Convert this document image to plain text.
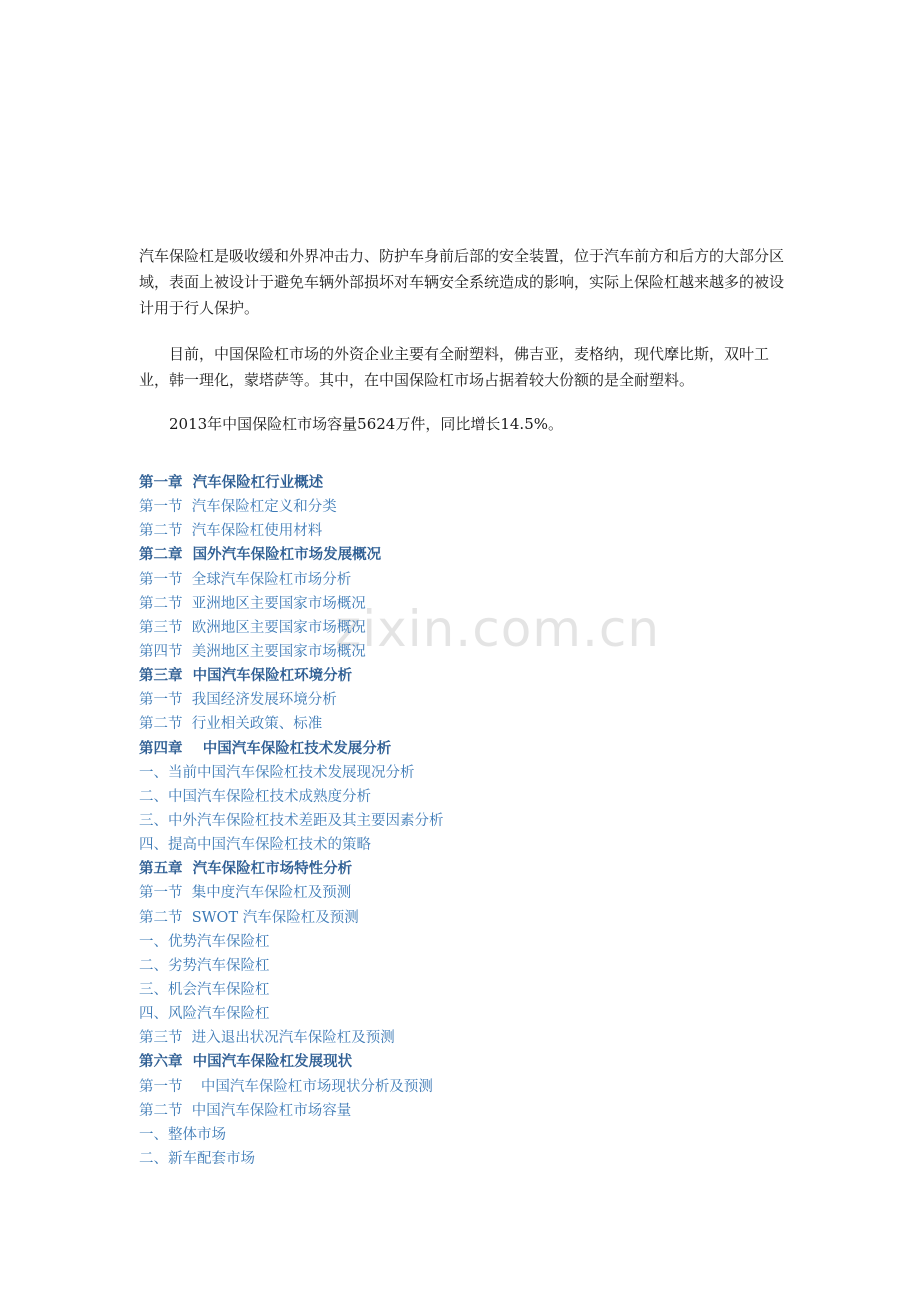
汽车保险杠是吸收缓和外界冲击力、防护车身前后部的安全装置，位于汽车前方和后方的大部分区域，表面上被设计于避免车辆外部损坏对车辆安全系统造成的影响，实际上保险杠越来越多的被设计用于行人保护。

目前，中国保险杠市场的外资企业主要有全耐塑料，佛吉亚，麦格纳，现代摩比斯，双叶工业，韩一理化，蒙塔萨等。其中，在中国保险杠市场占据着较大份额的是全耐塑料。

2013年中国保险杠市场容量5624万件，同比增长14.5%。

zixin.com.cn
第一章  汽车保险杠行业概述
第一节  汽车保险杠定义和分类
第二节  汽车保险杠使用材料
第二章  国外汽车保险杠市场发展概况
第一节  全球汽车保险杠市场分析
第二节  亚洲地区主要国家市场概况
第三节  欧洲地区主要国家市场概况
第四节  美洲地区主要国家市场概况
第三章  中国汽车保险杠环境分析
第一节  我国经济发展环境分析
第二节  行业相关政策、标准
第四章    中国汽车保险杠技术发展分析
一、当前中国汽车保险杠技术发展现况分析
二、中国汽车保险杠技术成熟度分析
三、中外汽车保险杠技术差距及其主要因素分析
四、提高中国汽车保险杠技术的策略
第五章  汽车保险杠市场特性分析
第一节  集中度汽车保险杠及预测
第二节  SWOT 汽车保险杠及预测
一、优势汽车保险杠
二、劣势汽车保险杠
三、机会汽车保险杠
四、风险汽车保险杠
第三节  进入退出状况汽车保险杠及预测
第六章  中国汽车保险杠发展现状
第一节    中国汽车保险杠市场现状分析及预测
第二节  中国汽车保险杠市场容量
一、整体市场
二、新车配套市场
